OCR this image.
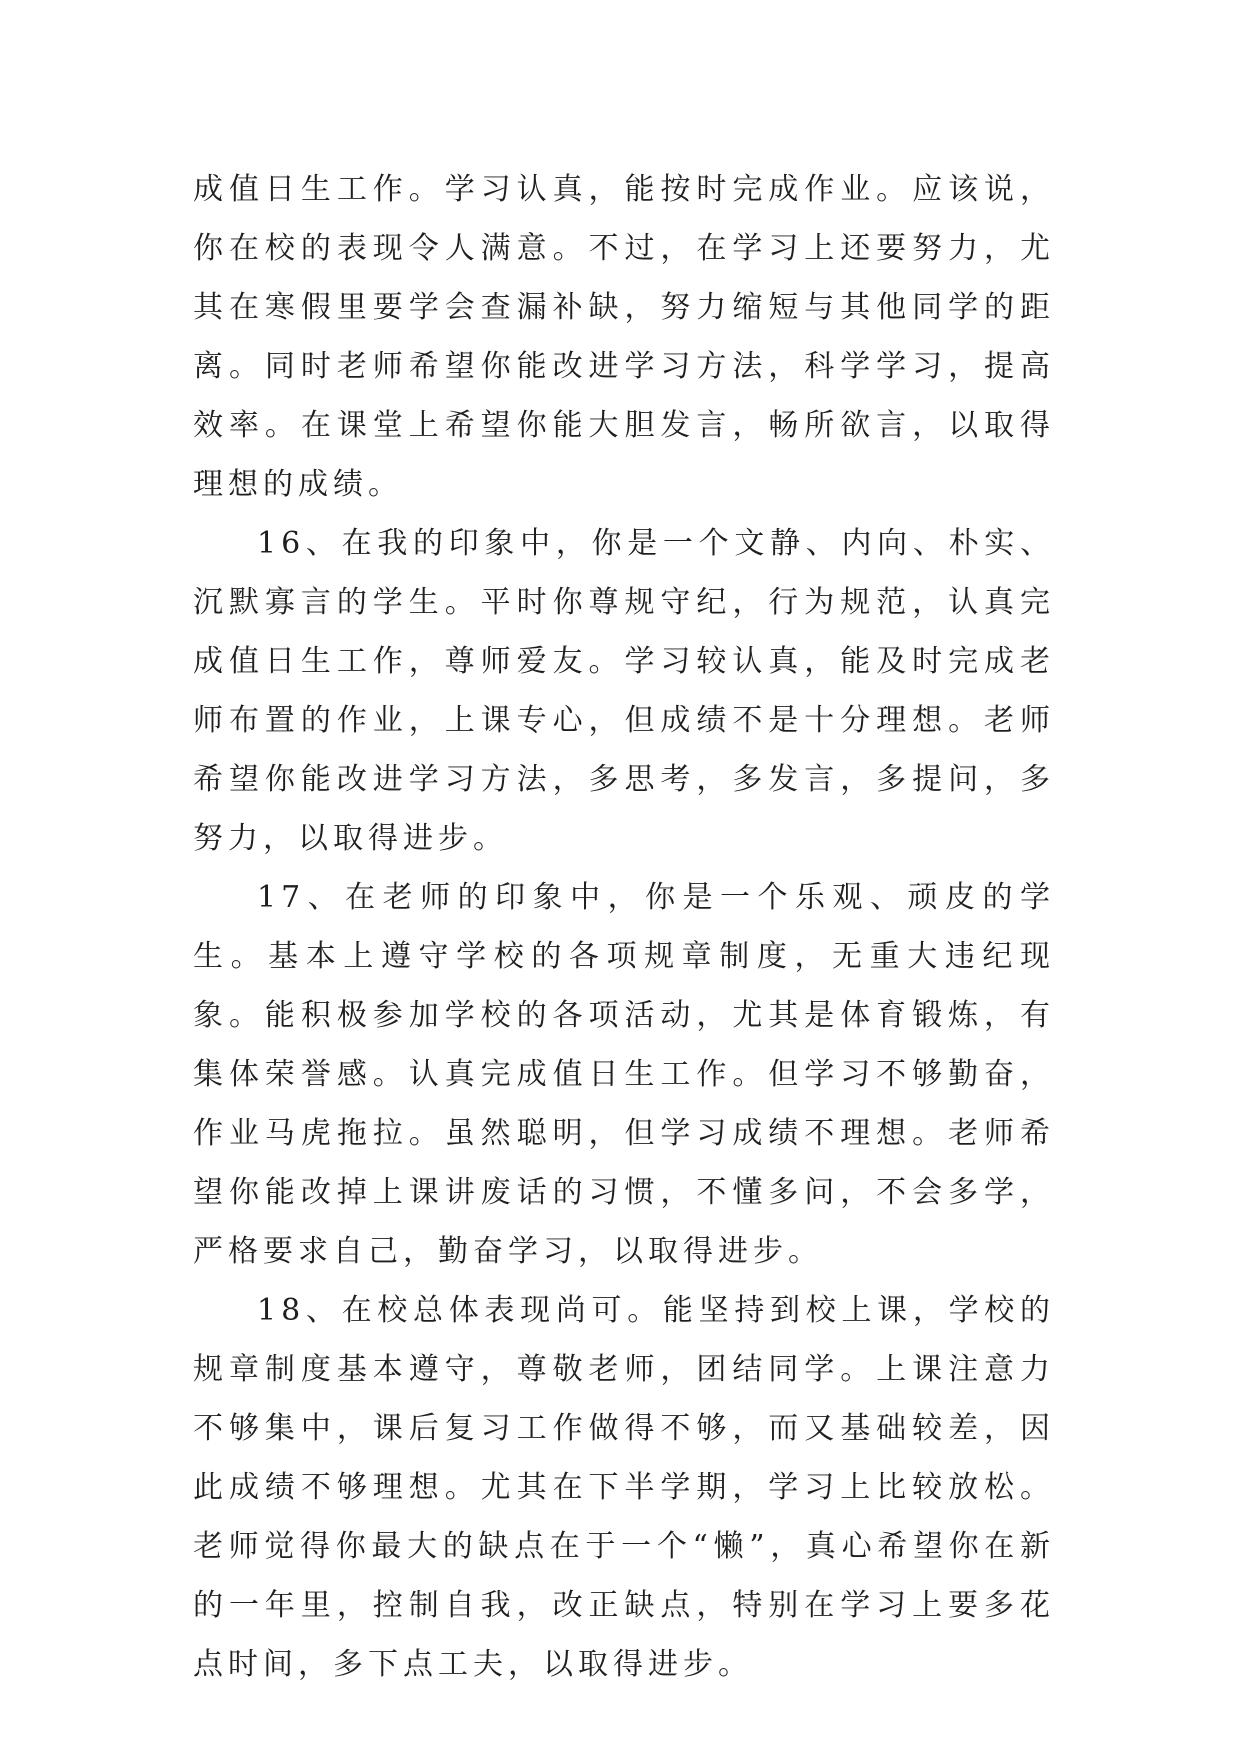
成值日生工作。学习认真，能按时完成作业。应该说，你在校的表现令人满意。不过，在学习上还要努力，尤其在寒假里要学会查漏补缺，努力缩短与其他同学的距离。同时老师希望你能改进学习方法，科学学习，提高效率。在课堂上希望你能大胆发言，畅所欲言，以取得理想的成绩。

16、在我的印象中，你是一个文静、内向、朴实、沉默寡言的学生。平时你尊规守纪，行为规范，认真完成值日生工作，尊师爱友。学习较认真，能及时完成老师布置的作业，上课专心，但成绩不是十分理想。老师希望你能改进学习方法，多思考，多发言，多提问，多努力，以取得进步。

17、在老师的印象中，你是一个乐观、顽皮的学生。基本上遵守学校的各项规章制度，无重大违纪现象。能积极参加学校的各项活动，尤其是体育锻炼，有集体荣誉感。认真完成值日生工作。但学习不够勤奋，作业马虎拖拉。虽然聪明，但学习成绩不理想。老师希望你能改掉上课讲废话的习惯，不懂多问，不会多学，严格要求自己，勤奋学习，以取得进步。

18、在校总体表现尚可。能坚持到校上课，学校的规章制度基本遵守，尊敬老师，团结同学。上课注意力不够集中，课后复习工作做得不够，而又基础较差，因此成绩不够理想。尤其在下半学期，学习上比较放松。老师觉得你最大的缺点在于一个“懒”，真心希望你在新的一年里，控制自我，改正缺点，特别在学习上要多花点时间，多下点工夫，以取得进步。
